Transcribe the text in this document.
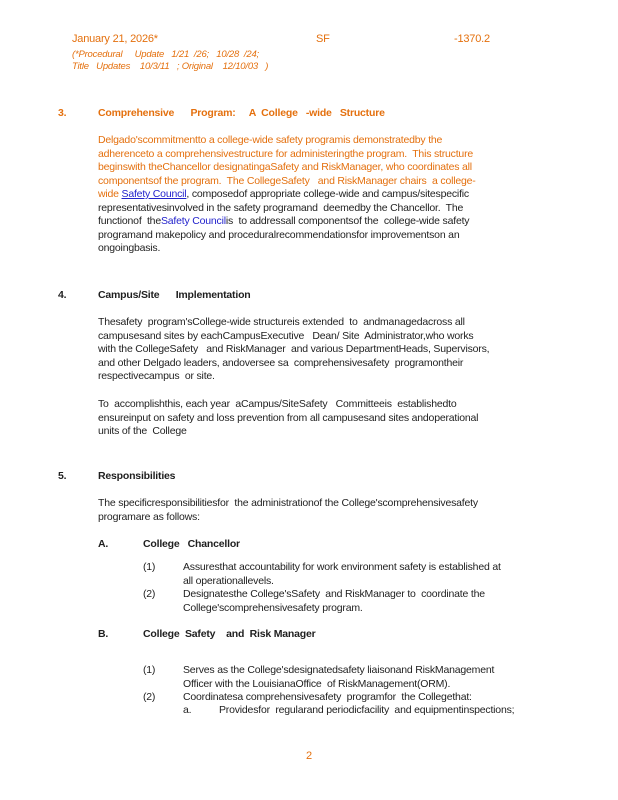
January 21, 2026*	SF	-1370.2
(*Procedural     Update   1/21  /26;   10/28  /24;
Title   Updates    10/3/11   ; Original    12/10/03   )
3.	Comprehensive      Program:     A  College   -wide   Structure
Delgado'scommitmentto a college-wide safety programis demonstratedby the
adherenceto a comprehensivestructure for administeringthe program.  This structure
beginswith theChancellor designatingaSafety and RiskManager, who coordinates all
componentsof the program.  The CollegeSafety   and RiskManager chairs  a college-
wide Safety Council, composedof appropriate college-wide and campus/sitespecific
representativesinvolved in the safety programand  deemedby the Chancellor.  The
functionof  theSafety Councilis  to addressall componentsof the  college-wide safety
programand makepolicy and proceduralrecommendationsfor improvementson an
ongoingbasis.
4.	Campus/Site      Implementation
Thesafety  program'sCollege-wide structureis extended  to  andmanagedacross all
campusesand sites by eachCampusExecutive   Dean/ Site  Administrator,who works
with the CollegeSafety   and RiskManager  and various DepartmentHeads, Supervisors,
and other Delgado leaders, andoversee sa  comprehensivesafety  programontheir
respectivecampus  or site.
To  accomplishthis, each year  aCampus/SiteSafety   Committeeis  establishedto
ensureinput on safety and loss prevention from all campusesand sites andoperational
units of the  College
5.	Responsibilities
The specificresponsibilitiesfor  the administrationof the College'scomprehensivesafety
programare as follows:
A.	College   Chancellor
(1)	Assuresthat accountability for work environment safety is established at
all operationallevels.
(2)	Designatesthe College'sSafety  and RiskManager to  coordinate the
College'scomprehensivesafety program.
B.	College  Safety    and  Risk Manager
(1)	Serves as the College'sdesignatedsafety liaisonand RiskManagement
Officer with the LouisianaOffice  of RiskManagement(ORM).
(2)	Coordinatesa comprehensivesafety  programfor  the Collegethat:
a.	Providesfor  regularand periodicfacility  and equipmentinspections;
2
